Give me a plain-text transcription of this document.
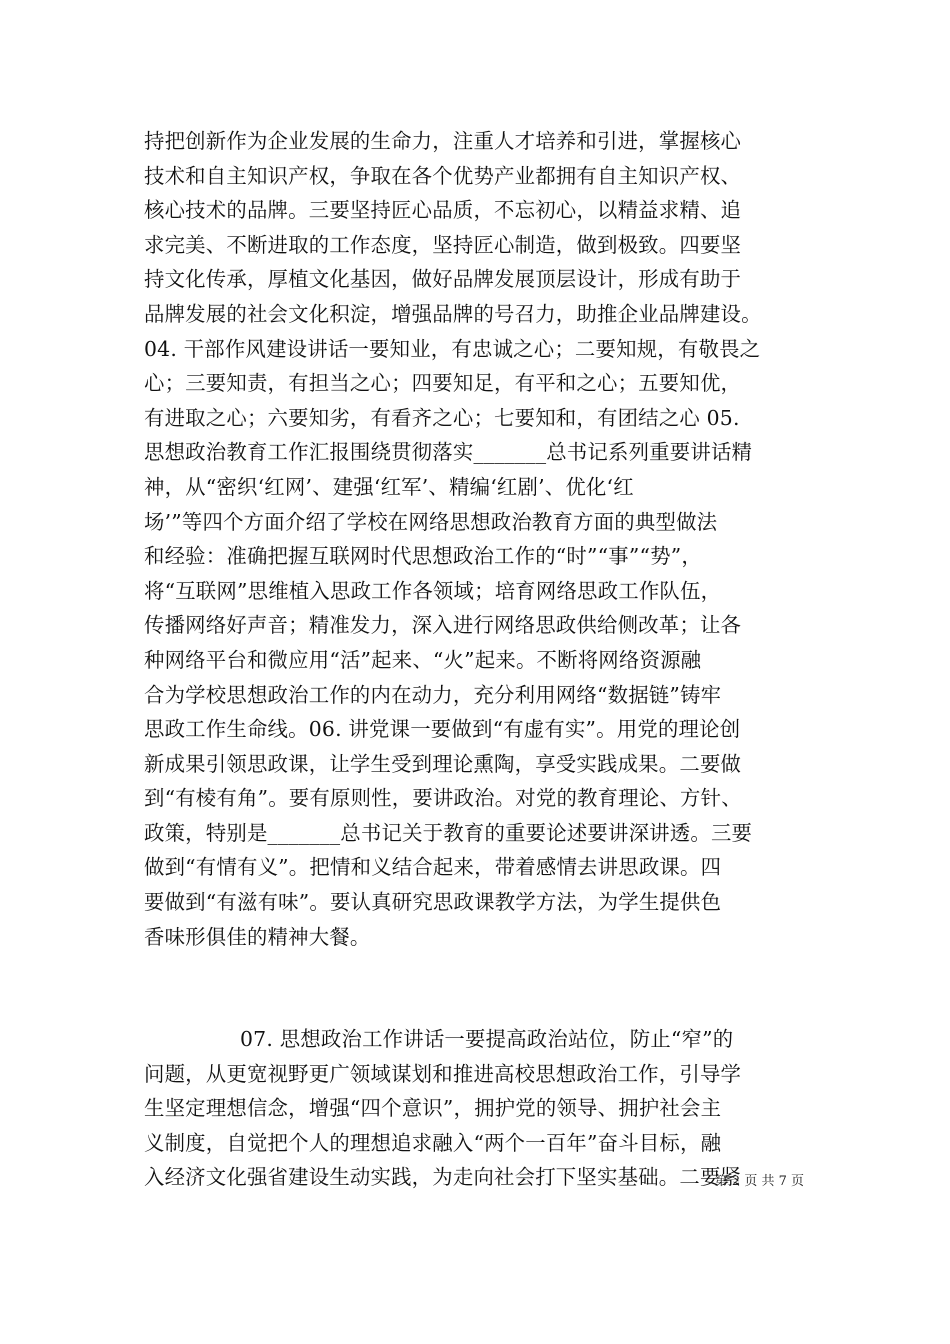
持把创新作为企业发展的生命力，注重人才培养和引进，掌握核心
技术和自主知识产权，争取在各个优势产业都拥有自主知识产权、
核心技术的品牌。三要坚持匠心品质，不忘初心，以精益求精、追
求完美、不断进取的工作态度，坚持匠心制造，做到极致。四要坚
持文化传承，厚植文化基因，做好品牌发展顶层设计，形成有助于
品牌发展的社会文化积淀，增强品牌的号召力，助推企业品牌建设。
04. 干部作风建设讲话一要知业，有忠诚之心；二要知规，有敬畏之
心；三要知责，有担当之心；四要知足，有平和之心；五要知优，
有进取之心；六要知劣，有看齐之心；七要知和，有团结之心 05.
思想政治教育工作汇报围绕贯彻落实_______总书记系列重要讲话精
神，从“密织‘红网’、建强‘红军’、精编‘红剧’、优化‘红
场’”等四个方面介绍了学校在网络思想政治教育方面的典型做法
和经验：准确把握互联网时代思想政治工作的“时”“事”“势”，
将“互联网”思维植入思政工作各领域；培育网络思政工作队伍，
传播网络好声音；精准发力，深入进行网络思政供给侧改革；让各
种网络平台和微应用“活”起来、“火”起来。不断将网络资源融
合为学校思想政治工作的内在动力，充分利用网络“数据链”铸牢
思政工作生命线。06. 讲党课一要做到“有虚有实”。用党的理论创
新成果引领思政课，让学生受到理论熏陶，享受实践成果。二要做
到“有棱有角”。要有原则性，要讲政治。对党的教育理论、方针、
政策，特别是_______总书记关于教育的重要论述要讲深讲透。三要
做到“有情有义”。把情和义结合起来，带着感情去讲思政课。四
要做到“有滋有味”。要认真研究思政课教学方法，为学生提供色
香味形俱佳的精神大餐。
07. 思想政治工作讲话一要提高政治站位，防止“窄”的
问题，从更宽视野更广领域谋划和推进高校思想政治工作，引导学
生坚定理想信念，增强“四个意识”，拥护党的领导、拥护社会主
义制度，自觉把个人的理想追求融入“两个一百年”奋斗目标，融
入经济文化强省建设生动实践，为走向社会打下坚实基础。二要紧
第 2 页 共 7 页
